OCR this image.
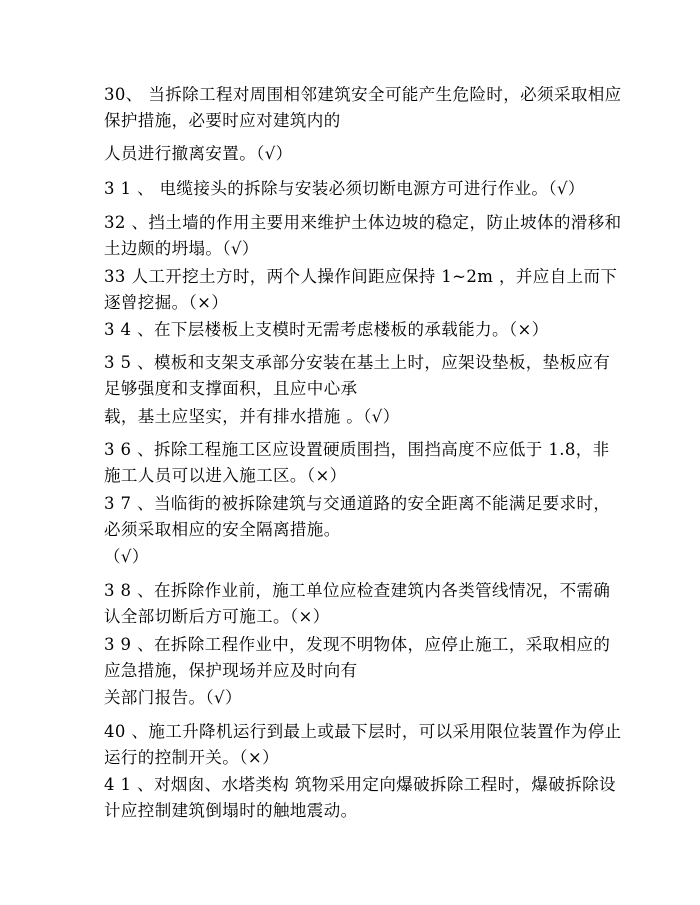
30、 当拆除工程对周围相邻建筑安全可能产生危险时，必须采取相应保护措施，必要时应对建筑内的

人员进行撤离安置。（√）

3 1 、 电缆接头的拆除与安装必须切断电源方可进行作业。（√）

32 、挡土墙的作用主要用来维护土体边坡的稳定，防止坡体的滑移和土边颇的坍塌。（√）

33 人工开挖土方时，两个人操作间距应保持 1~2m ，并应自上而下逐曾挖掘。（×）

3 4 、在下层楼板上支模时无需考虑楼板的承载能力。（×）

3 5 、模板和支架支承部分安装在基土上时，应架设垫板，垫板应有足够强度和支撑面积，且应中心承

载，基土应坚实，并有排水措施 。（√）

3 6 、拆除工程施工区应设置硬质围挡，围挡高度不应低于 1.8，非施工人员可以进入施工区。（×）

3 7 、当临街的被拆除建筑与交通道路的安全距离不能满足要求时，必须采取相应的安全隔离措施。

（√）

3 8 、在拆除作业前，施工单位应检查建筑内各类管线情况，不需确认全部切断后方可施工。（×）

3 9 、在拆除工程作业中，发现不明物体，应停止施工，采取相应的应急措施，保护现场并应及时向有

关部门报告。（√）

40 、施工升降机运行到最上或最下层时，可以采用限位装置作为停止运行的控制开关。（×）

4 1 、对烟囱、水塔类构 筑物采用定向爆破拆除工程时，爆破拆除设计应控制建筑倒塌时的触地震动。
